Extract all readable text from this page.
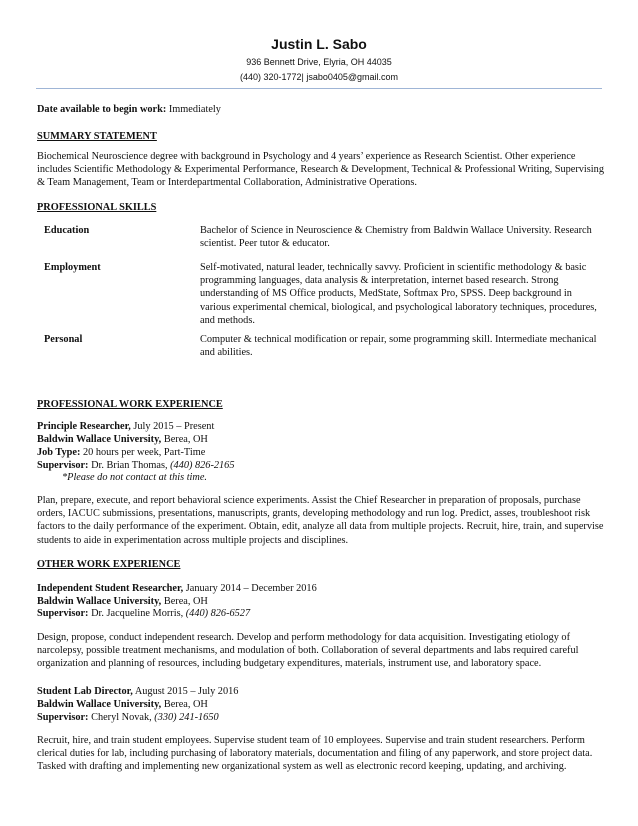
Justin L. Sabo
936 Bennett Drive, Elyria, OH 44035
(440) 320-1772| jsabo0405@gmail.com
Date available to begin work: Immediately
SUMMARY STATEMENT
Biochemical Neuroscience degree with background in Psychology and 4 years’ experience as Research Scientist. Other experience includes Scientific Methodology & Experimental Performance, Research & Development, Technical & Professional Writing, Supervising & Team Management, Team or Interdepartmental Collaboration, Administrative Operations.
PROFESSIONAL SKILLS
Education	Bachelor of Science in Neuroscience & Chemistry from Baldwin Wallace University. Research scientist. Peer tutor & educator.
Employment	Self-motivated, natural leader, technically savvy. Proficient in scientific methodology & basic programming languages, data analysis & interpretation, internet based research. Strong understanding of MS Office products, MedState, Softmax Pro, SPSS. Deep background in various experimental chemical, biological, and psychological laboratory techniques, procedures, and methods.
Personal	Computer & technical modification or repair, some programming skill. Intermediate mechanical and abilities.
PROFESSIONAL WORK EXPERIENCE
Principle Researcher, July 2015 – Present
Baldwin Wallace University, Berea, OH
Job Type: 20 hours per week, Part-Time
Supervisor: Dr. Brian Thomas, (440) 826-2165
*Please do not contact at this time.
Plan, prepare, execute, and report behavioral science experiments. Assist the Chief Researcher in preparation of proposals, purchase orders, IACUC submissions, presentations, manuscripts, grants, developing methodology and run log. Predict, asses, troubleshoot risk factors to the daily performance of the experiment. Obtain, edit, analyze all data from multiple projects. Recruit, hire, train, and supervise students to aide in experimentation across multiple projects and disciplines.
OTHER WORK EXPERIENCE
Independent Student Researcher, January 2014 – December 2016
Baldwin Wallace University, Berea, OH
Supervisor: Dr. Jacqueline Morris, (440) 826-6527
Design, propose, conduct independent research. Develop and perform methodology for data acquisition. Investigating etiology of narcolepsy, possible treatment mechanisms, and modulation of both. Collaboration of several departments and labs required careful organization and planning of resources, including budgetary expenditures, materials, instrument use, and laboratory space.
Student Lab Director, August 2015 – July 2016
Baldwin Wallace University, Berea, OH
Supervisor: Cheryl Novak, (330) 241-1650
Recruit, hire, and train student employees. Supervise student team of 10 employees. Supervise and train student researchers. Perform clerical duties for lab, including purchasing of laboratory materials, documentation and filing of any paperwork, and store project data. Tasked with drafting and implementing new organizational system as well as electronic record keeping, updating, and archiving.
